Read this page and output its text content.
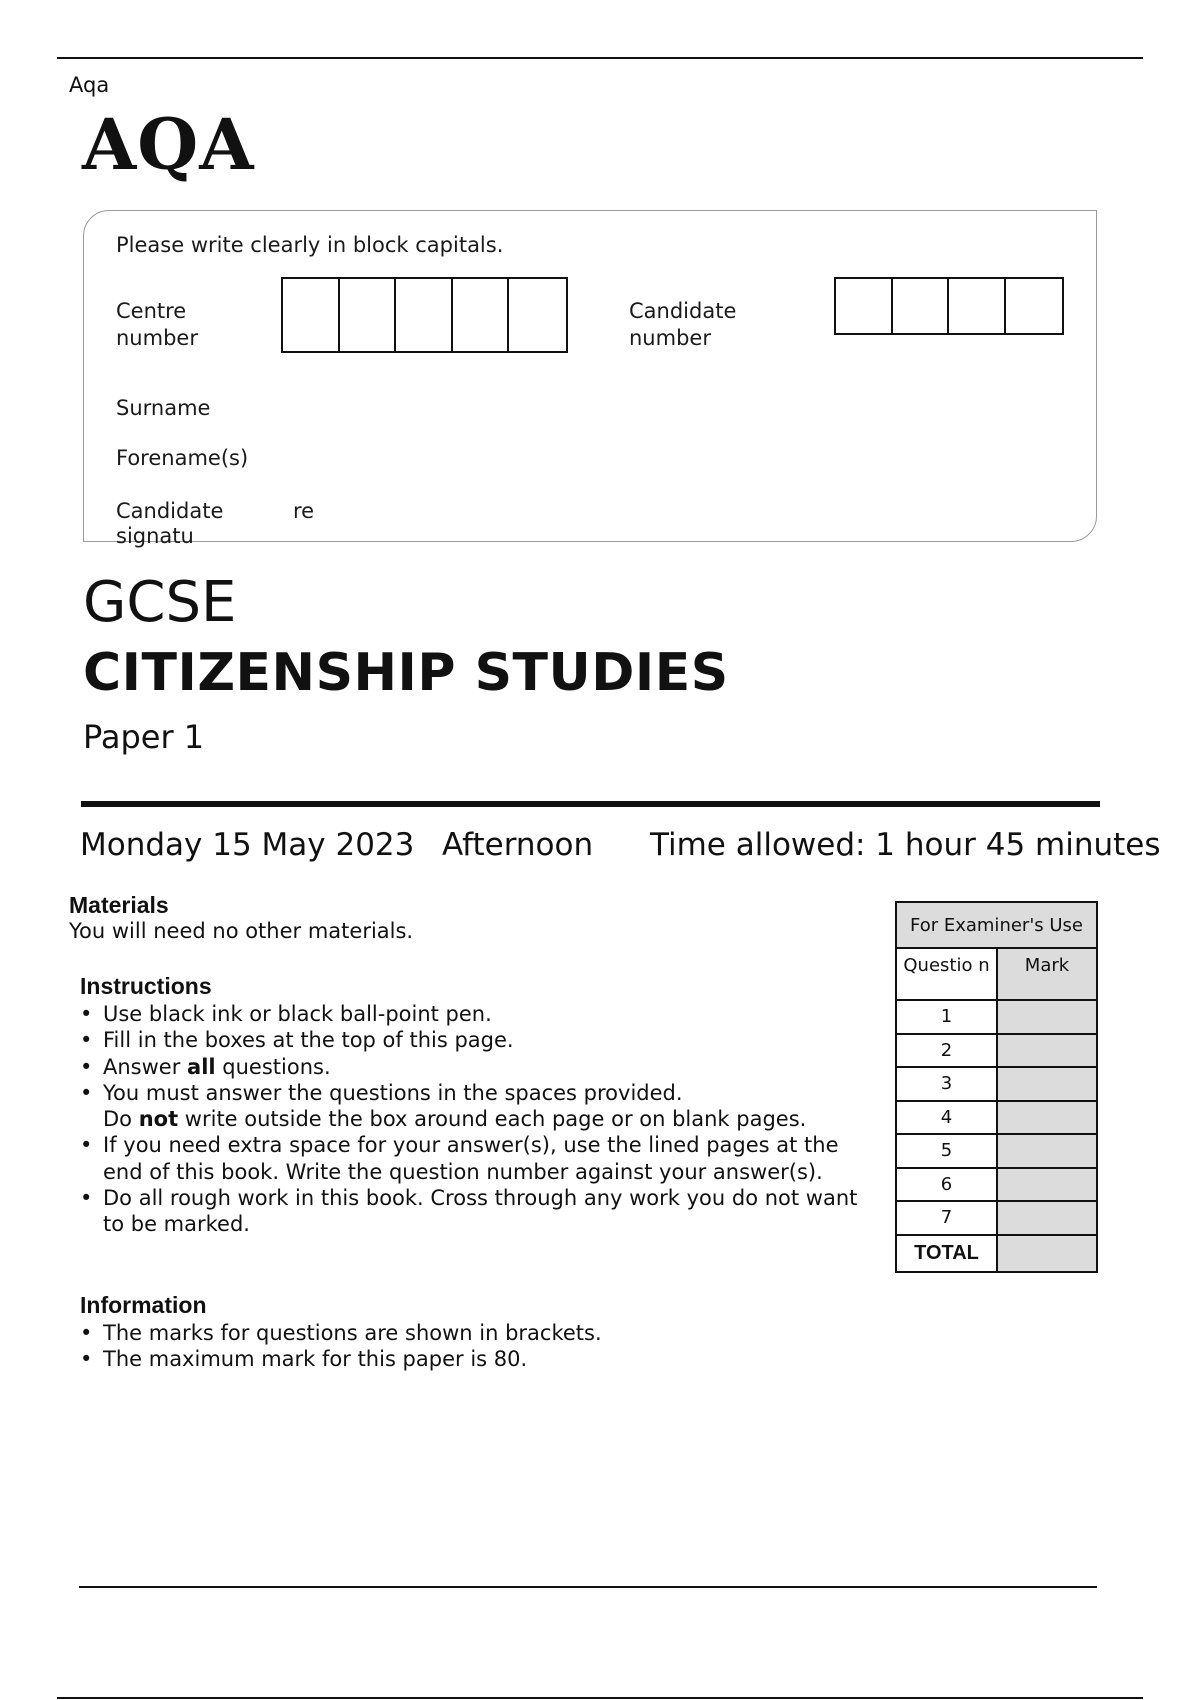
Aqa
AQA
Please write clearly in block capitals.
Centre
number
Candidate
number
Surname
Forename(s)
Candidate
signatu
re
GCSE
CITIZENSHIP STUDIES
Paper 1
Monday 15 May 2023 Afternoon Time allowed: 1 hour 45 minutes
Materials
You will need no other materials.
Instructions
• Use black ink or black ball-point pen.
• Fill in the boxes at the top of this page.
• Answer all questions.
• You must answer the questions in the spaces provided.
Do not write outside the box around each page or on blank pages.
• If you need extra space for your answer(s), use the lined pages at the end of this book. Write the question number against your answer(s).
• Do all rough work in this book. Cross through any work you do not want to be marked.
Information
• The marks for questions are shown in brackets.
• The maximum mark for this paper is 80.
For Examiner's Use	
Questio n	Mark
1	
2	
3	
4	
5	
6	
7	
TOTAL	
